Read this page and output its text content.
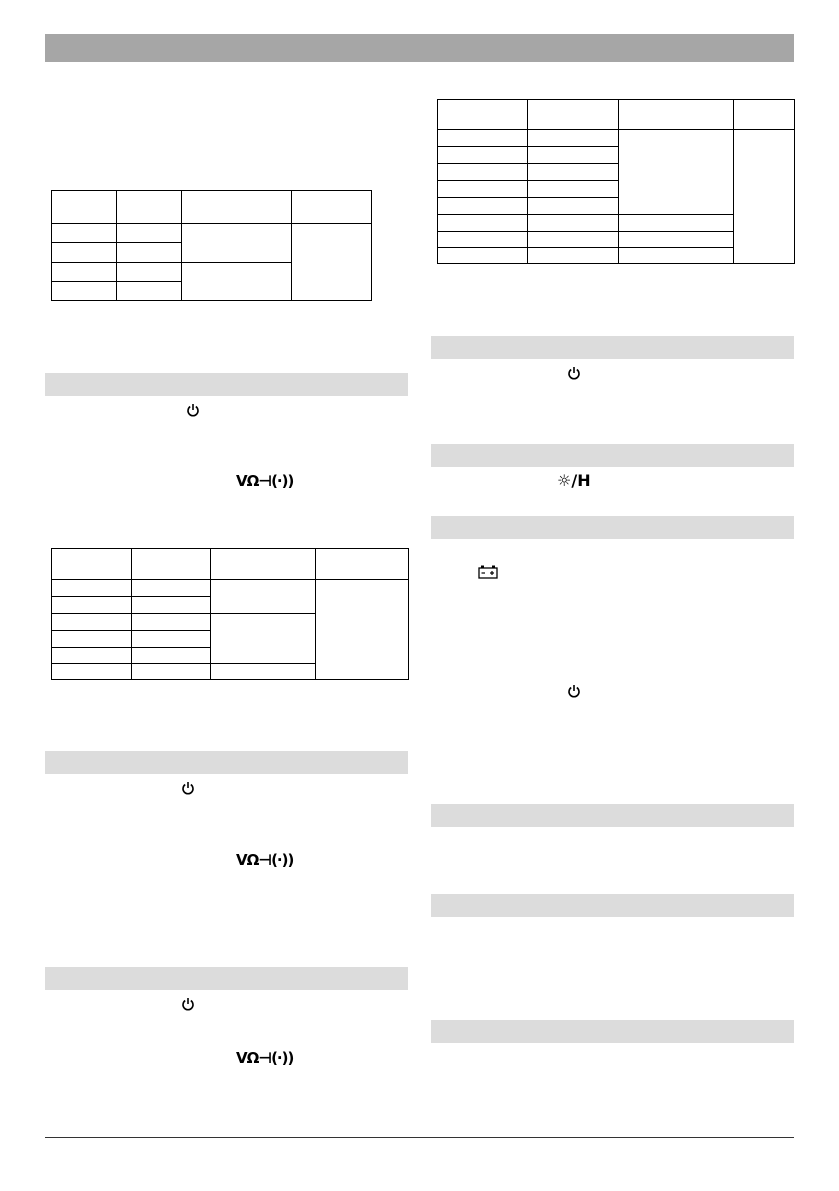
VΩ⊣(·))

VΩ⊣(·))
VΩ⊣(·))

☼/H
